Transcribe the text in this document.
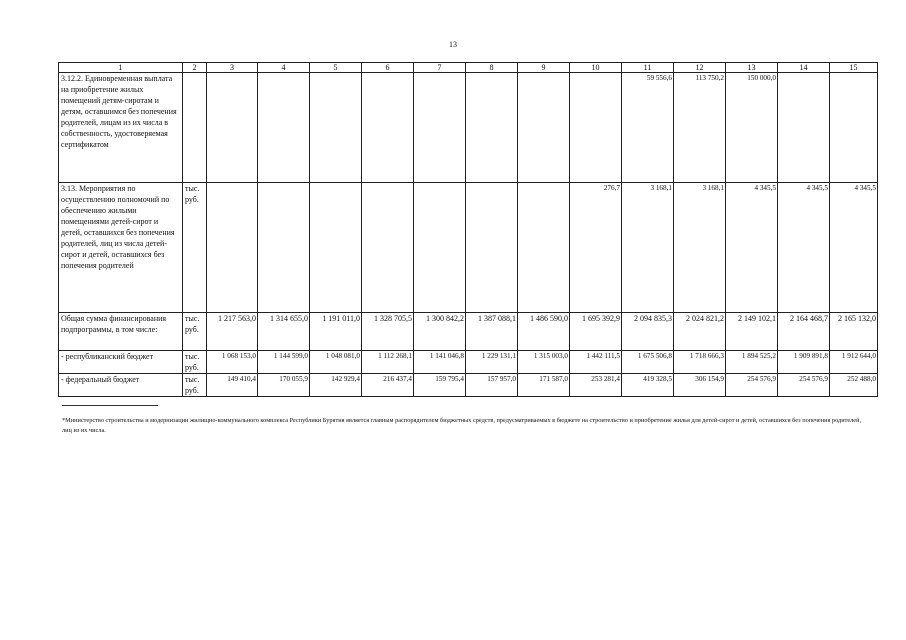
13
1	2	3	4	5	6	7	8	9	10	11	12	13	14	15
3.12.2. Единовременная выплата на приобретение жилых помещений детям-сиротам и детям, оставшимся без попечения родителей, лицам из их числа в собственность, удостоверяемая сертификатом										59 556,6	113 750,2	150 000,0		
3.13. Мероприятия по осуществлению полномочий по обеспечению жилыми помещениями детей-сирот и детей, оставшихся без попечения родителей, лиц из числа детей-сирот и детей, оставшихся без попечения родителей	тыс. руб.								276,7	3 168,1	3 168,1	4 345,5	4 345,5	4 345,5
Общая сумма финансирования подпрограммы, в том числе:	тыс. руб.	1 217 563,0	1 314 655,0	1 191 011,0	1 328 705,5	1 300 842,2	1 387 088,1	1 486 590,0	1 695 392,9	2 094 835,3	2 024 821,2	2 149 102,1	2 164 468,7	2 165 132,0
- республиканский бюджет	тыс. руб.	1 068 153,0	1 144 599,0	1 048 081,0	1 112 268,1	1 141 046,8	1 229 131,1	1 315 003,0	1 442 111,5	1 675 506,8	1 718 666,3	1 894 525,2	1 909 891,8	1 912 644,0
- федеральный бюджет	тыс. руб.	149 410,4	170 055,9	142 929,4	216 437,4	159 795,4	157 957,0	171 587,0	253 281,4	419 328,5	306 154,9	254 576,9	254 576,9	252 488,0
*Министерство строительства и модернизации жилищно-коммунального комплекса Республики Бурятия является главным распорядителем бюджетных средств, предусматриваемых в бюджете на строительство и приобретение жилья для детей-сирот и детей, оставшихся без попечения родителей, лиц из их числа.
